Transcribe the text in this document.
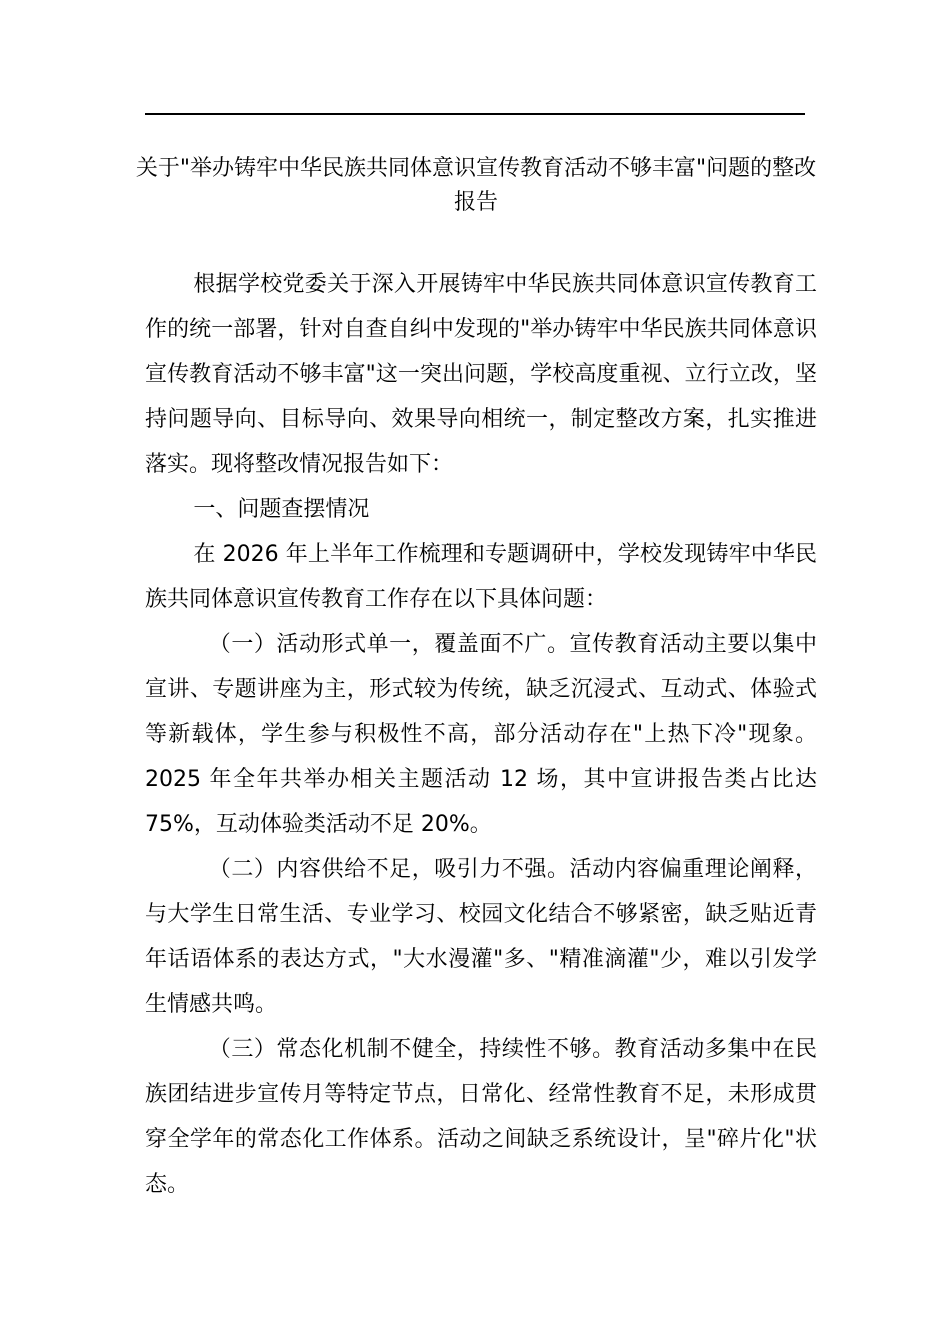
关于"举办铸牢中华民族共同体意识宣传教育活动不够丰富"问题的整改报告

根据学校党委关于深入开展铸牢中华民族共同体意识宣传教育工作的统一部署，针对自查自纠中发现的"举办铸牢中华民族共同体意识宣传教育活动不够丰富"这一突出问题，学校高度重视、立行立改，坚持问题导向、目标导向、效果导向相统一，制定整改方案，扎实推进落实。现将整改情况报告如下：

一、问题查摆情况

在 2026 年上半年工作梳理和专题调研中，学校发现铸牢中华民族共同体意识宣传教育工作存在以下具体问题：

（一）活动形式单一，覆盖面不广。宣传教育活动主要以集中宣讲、专题讲座为主，形式较为传统，缺乏沉浸式、互动式、体验式等新载体，学生参与积极性不高，部分活动存在"上热下冷"现象。2025 年全年共举办相关主题活动 12 场，其中宣讲报告类占比达 75%，互动体验类活动不足 20%。

（二）内容供给不足，吸引力不强。活动内容偏重理论阐释，与大学生日常生活、专业学习、校园文化结合不够紧密，缺乏贴近青年话语体系的表达方式，"大水漫灌"多、"精准滴灌"少，难以引发学生情感共鸣。

（三）常态化机制不健全，持续性不够。教育活动多集中在民族团结进步宣传月等特定节点，日常化、经常性教育不足，未形成贯穿全学年的常态化工作体系。活动之间缺乏系统设计，呈"碎片化"状态。
